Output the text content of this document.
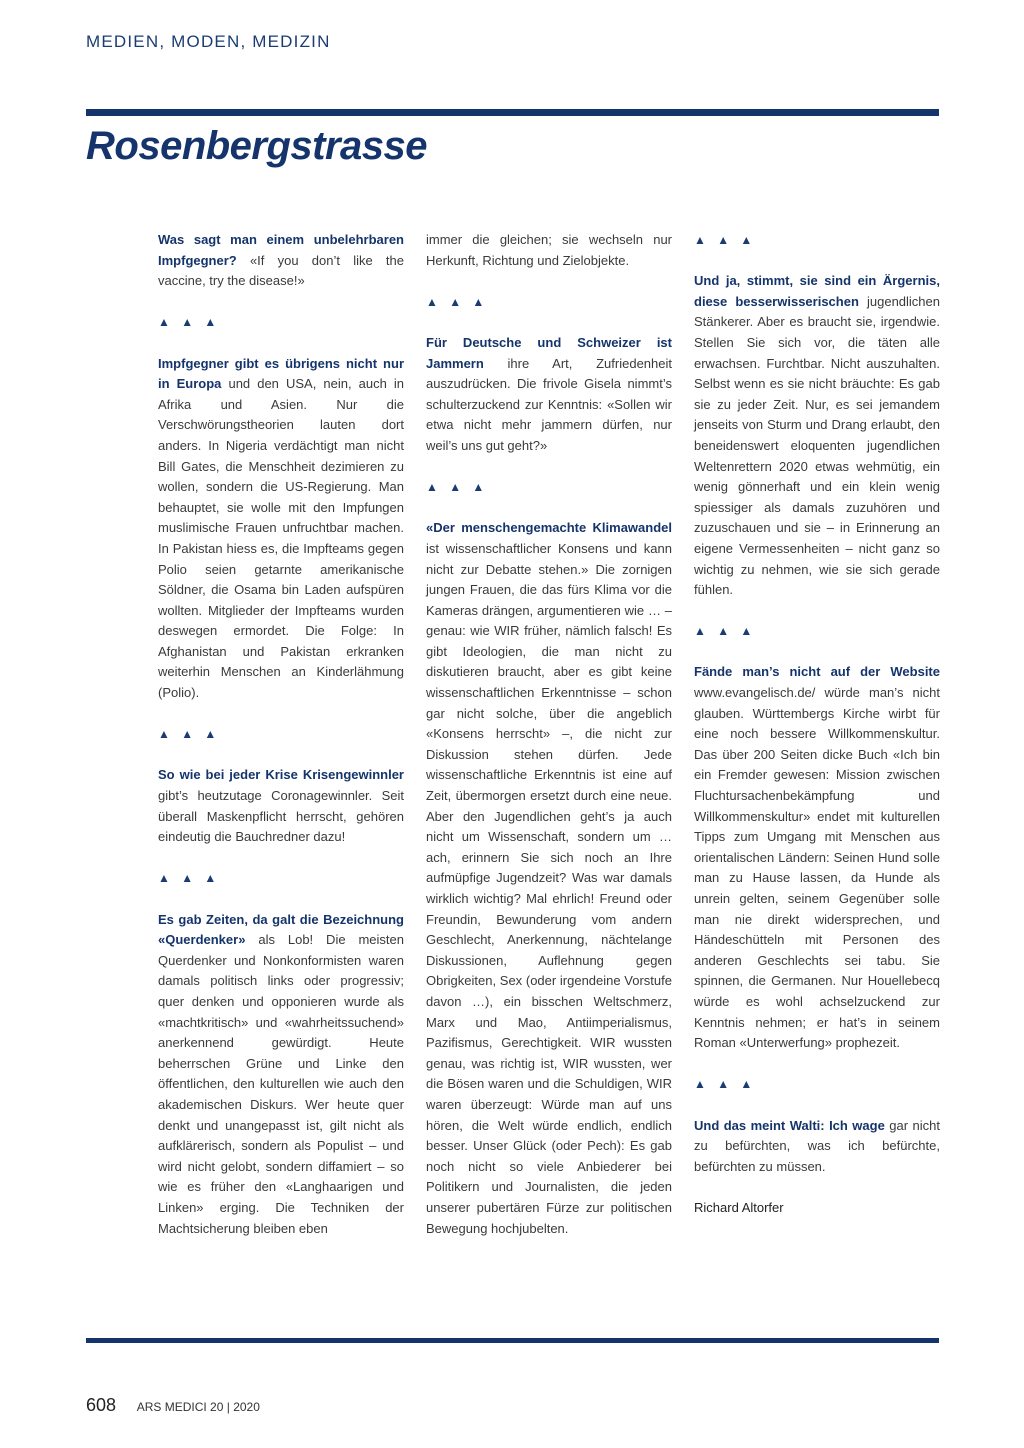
MEDIEN, MODEN, MEDIZIN
Rosenbergstrasse

Was sagt man einem unbelehrbaren Impfgegner? «If you don’t like the vaccine, try the disease!»

▲ ▲ ▲

Impfgegner gibt es übrigens nicht nur in Europa und den USA, nein, auch in Afrika und Asien. Nur die Verschwörungstheorien lauten dort anders. In Nigeria verdächtigt man nicht Bill Gates, die Menschheit dezimieren zu wollen, sondern die US-Regierung. Man behauptet, sie wolle mit den Impfungen muslimische Frauen unfruchtbar machen. In Pakistan hiess es, die Impfteams gegen Polio seien getarnte amerikanische Söldner, die Osama bin Laden aufspüren wollten. Mitglieder der Impfteams wurden deswegen ermordet. Die Folge: In Afghanistan und Pakistan erkranken weiterhin Menschen an Kinderlähmung (Polio).

▲ ▲ ▲

So wie bei jeder Krise Krisengewinnler gibt’s heutzutage Coronagewinnler. Seit überall Maskenpflicht herrscht, gehören eindeutig die Bauchredner dazu!

▲ ▲ ▲

Es gab Zeiten, da galt die Bezeichnung «Querdenker» als Lob! Die meisten Querdenker und Nonkonformisten waren damals politisch links oder progressiv; quer denken und opponieren wurde als «machtkritisch» und «wahrheitssuchend» anerkennend gewürdigt. Heute beherrschen Grüne und Linke den öffentlichen, den kulturellen wie auch den akademischen Diskurs. Wer heute quer denkt und unangepasst ist, gilt nicht als aufklärerisch, sondern als Populist – und wird nicht gelobt, sondern diffamiert – so wie es früher den «Langhaarigen und Linken» erging. Die Techniken der Machtsicherung bleiben eben

immer die gleichen; sie wechseln nur Herkunft, Richtung und Zielobjekte.

▲ ▲ ▲

Für Deutsche und Schweizer ist Jammern ihre Art, Zufriedenheit auszudrücken. Die frivole Gisela nimmt’s schulterzuckend zur Kenntnis: «Sollen wir etwa nicht mehr jammern dürfen, nur weil’s uns gut geht?»

▲ ▲ ▲

«Der menschengemachte Klimawandel ist wissenschaftlicher Konsens und kann nicht zur Debatte stehen.» Die zornigen jungen Frauen, die das fürs Klima vor die Kameras drängen, argumentieren wie … – genau: wie WIR früher, nämlich falsch! Es gibt Ideologien, die man nicht zu diskutieren braucht, aber es gibt keine wissenschaftlichen Erkenntnisse – schon gar nicht solche, über die angeblich «Konsens herrscht» –, die nicht zur Diskussion stehen dürfen. Jede wissenschaftliche Erkenntnis ist eine auf Zeit, übermorgen ersetzt durch eine neue. Aber den Jugendlichen geht’s ja auch nicht um Wissenschaft, sondern um … ach, erinnern Sie sich noch an Ihre aufmüpfige Jugendzeit? Was war damals wirklich wichtig? Mal ehrlich! Freund oder Freundin, Bewunderung vom andern Geschlecht, Anerkennung, nächtelange Diskussionen, Auflehnung gegen Obrigkeiten, Sex (oder irgendeine Vorstufe davon …), ein bisschen Weltschmerz, Marx und Mao, Antiimperialismus, Pazifismus, Gerechtigkeit. WIR wussten genau, was richtig ist, WIR wussten, wer die Bösen waren und die Schuldigen, WIR waren überzeugt: Würde man auf uns hören, die Welt würde endlich, endlich besser. Unser Glück (oder Pech): Es gab noch nicht so viele Anbiederer bei Politikern und Journalisten, die jeden unserer pubertären Fürze zur politischen Bewegung hochjubelten.

▲ ▲ ▲

Und ja, stimmt, sie sind ein Ärgernis, diese besserwisserischen jugendlichen Stänkerer. Aber es braucht sie, irgendwie. Stellen Sie sich vor, die täten alle erwachsen. Furchtbar. Nicht auszuhalten. Selbst wenn es sie nicht bräuchte: Es gab sie zu jeder Zeit. Nur, es sei jemandem jenseits von Sturm und Drang erlaubt, den beneidenswert eloquenten jugendlichen Weltenrettern 2020 etwas wehmütig, ein wenig gönnerhaft und ein klein wenig spiessiger als damals zuzuhören und zuzuschauen und sie – in Erinnerung an eigene Vermessenheiten – nicht ganz so wichtig zu nehmen, wie sie sich gerade fühlen.

▲ ▲ ▲

Fände man’s nicht auf der Website www.evangelisch.de/ würde man’s nicht glauben. Württembergs Kirche wirbt für eine noch bessere Willkommenskultur. Das über 200 Seiten dicke Buch «Ich bin ein Fremder gewesen: Mission zwischen Fluchtursachenbekämpfung und Willkommenskultur» endet mit kulturellen Tipps zum Umgang mit Menschen aus orientalischen Ländern: Seinen Hund solle man zu Hause lassen, da Hunde als unrein gelten, seinem Gegenüber solle man nie direkt widersprechen, und Händeschütteln mit Personen des anderen Geschlechts sei tabu. Sie spinnen, die Germanen. Nur Houellebecq würde es wohl achselzuckend zur Kenntnis nehmen; er hat’s in seinem Roman «Unterwerfung» prophezeit.

▲ ▲ ▲

Und das meint Walti: Ich wage gar nicht zu befürchten, was ich befürchte, befürchten zu müssen.

Richard Altorfer

608 ARS MEDICI 20 | 2020
